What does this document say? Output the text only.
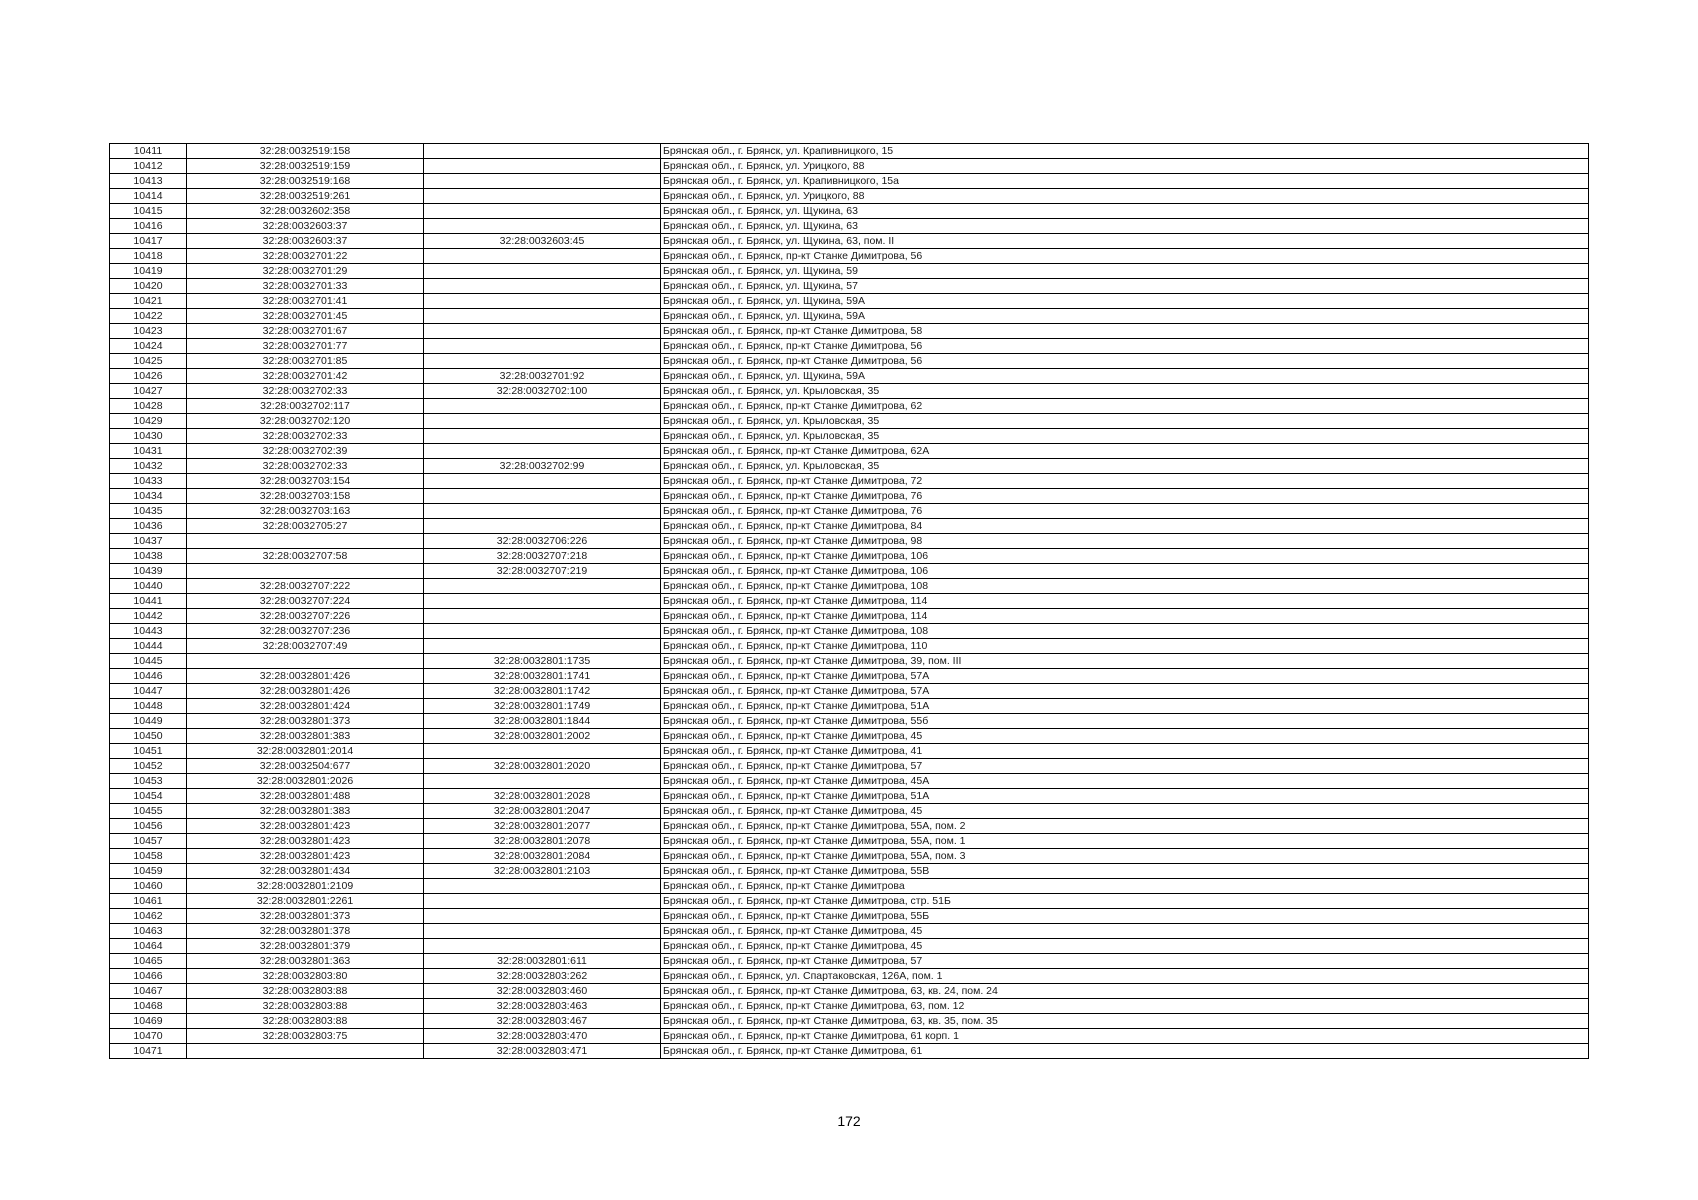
10411	32:28:0032519:158		Брянская обл., г. Брянск, ул. Крапивницкого, 15
10412	32:28:0032519:159		Брянская обл., г. Брянск, ул. Урицкого, 88
10413	32:28:0032519:168		Брянская обл., г. Брянск, ул. Крапивницкого, 15а
10414	32:28:0032519:261		Брянская обл., г. Брянск, ул. Урицкого, 88
10415	32:28:0032602:358		Брянская обл., г. Брянск, ул. Щукина, 63
10416	32:28:0032603:37		Брянская обл., г. Брянск, ул. Щукина, 63
10417	32:28:0032603:37	32:28:0032603:45	Брянская обл., г. Брянск, ул. Щукина, 63, пом. II
10418	32:28:0032701:22		Брянская обл., г. Брянск, пр-кт Станке Димитрова, 56
10419	32:28:0032701:29		Брянская обл., г. Брянск, ул. Щукина, 59
10420	32:28:0032701:33		Брянская обл., г. Брянск, ул. Щукина, 57
10421	32:28:0032701:41		Брянская обл., г. Брянск, ул. Щукина, 59А
10422	32:28:0032701:45		Брянская обл., г. Брянск, ул. Щукина, 59А
10423	32:28:0032701:67		Брянская обл., г. Брянск, пр-кт Станке Димитрова, 58
10424	32:28:0032701:77		Брянская обл., г. Брянск, пр-кт Станке Димитрова, 56
10425	32:28:0032701:85		Брянская обл., г. Брянск, пр-кт Станке Димитрова, 56
10426	32:28:0032701:42	32:28:0032701:92	Брянская обл., г. Брянск, ул. Щукина, 59А
10427	32:28:0032702:33	32:28:0032702:100	Брянская обл., г. Брянск, ул. Крыловская, 35
10428	32:28:0032702:117		Брянская обл., г. Брянск, пр-кт Станке Димитрова, 62
10429	32:28:0032702:120		Брянская обл., г. Брянск, ул. Крыловская, 35
10430	32:28:0032702:33		Брянская обл., г. Брянск, ул. Крыловская, 35
10431	32:28:0032702:39		Брянская обл., г. Брянск, пр-кт Станке Димитрова, 62А
10432	32:28:0032702:33	32:28:0032702:99	Брянская обл., г. Брянск, ул. Крыловская, 35
10433	32:28:0032703:154		Брянская обл., г. Брянск, пр-кт Станке Димитрова, 72
10434	32:28:0032703:158		Брянская обл., г. Брянск, пр-кт Станке Димитрова, 76
10435	32:28:0032703:163		Брянская обл., г. Брянск, пр-кт Станке Димитрова, 76
10436	32:28:0032705:27		Брянская обл., г. Брянск, пр-кт Станке Димитрова, 84
10437		32:28:0032706:226	Брянская обл., г. Брянск, пр-кт Станке Димитрова, 98
10438	32:28:0032707:58	32:28:0032707:218	Брянская обл., г. Брянск, пр-кт Станке Димитрова, 106
10439		32:28:0032707:219	Брянская обл., г. Брянск, пр-кт Станке Димитрова, 106
10440	32:28:0032707:222		Брянская обл., г. Брянск, пр-кт Станке Димитрова, 108
10441	32:28:0032707:224		Брянская обл., г. Брянск, пр-кт Станке Димитрова, 114
10442	32:28:0032707:226		Брянская обл., г. Брянск, пр-кт Станке Димитрова, 114
10443	32:28:0032707:236		Брянская обл., г. Брянск, пр-кт Станке Димитрова, 108
10444	32:28:0032707:49		Брянская обл., г. Брянск, пр-кт Станке Димитрова, 110
10445		32:28:0032801:1735	Брянская обл., г. Брянск, пр-кт Станке Димитрова, 39, пом. III
10446	32:28:0032801:426	32:28:0032801:1741	Брянская обл., г. Брянск, пр-кт Станке Димитрова, 57А
10447	32:28:0032801:426	32:28:0032801:1742	Брянская обл., г. Брянск, пр-кт Станке Димитрова, 57А
10448	32:28:0032801:424	32:28:0032801:1749	Брянская обл., г. Брянск, пр-кт Станке Димитрова, 51А
10449	32:28:0032801:373	32:28:0032801:1844	Брянская обл., г. Брянск, пр-кт Станке Димитрова, 55б
10450	32:28:0032801:383	32:28:0032801:2002	Брянская обл., г. Брянск, пр-кт Станке Димитрова, 45
10451	32:28:0032801:2014		Брянская обл., г. Брянск, пр-кт Станке Димитрова, 41
10452	32:28:0032504:677	32:28:0032801:2020	Брянская обл., г. Брянск, пр-кт Станке Димитрова, 57
10453	32:28:0032801:2026		Брянская обл., г. Брянск, пр-кт Станке Димитрова, 45А
10454	32:28:0032801:488	32:28:0032801:2028	Брянская обл., г. Брянск, пр-кт Станке Димитрова, 51А
10455	32:28:0032801:383	32:28:0032801:2047	Брянская обл., г. Брянск, пр-кт Станке Димитрова, 45
10456	32:28:0032801:423	32:28:0032801:2077	Брянская обл., г. Брянск, пр-кт Станке Димитрова, 55А, пом. 2
10457	32:28:0032801:423	32:28:0032801:2078	Брянская обл., г. Брянск, пр-кт Станке Димитрова, 55А, пом. 1
10458	32:28:0032801:423	32:28:0032801:2084	Брянская обл., г. Брянск, пр-кт Станке Димитрова, 55А, пом. 3
10459	32:28:0032801:434	32:28:0032801:2103	Брянская обл., г. Брянск, пр-кт Станке Димитрова, 55В
10460	32:28:0032801:2109		Брянская обл., г. Брянск, пр-кт Станке Димитрова
10461	32:28:0032801:2261		Брянская обл., г. Брянск, пр-кт Станке Димитрова, стр. 51Б
10462	32:28:0032801:373		Брянская обл., г. Брянск, пр-кт Станке Димитрова, 55Б
10463	32:28:0032801:378		Брянская обл., г. Брянск, пр-кт Станке Димитрова, 45
10464	32:28:0032801:379		Брянская обл., г. Брянск, пр-кт Станке Димитрова, 45
10465	32:28:0032801:363	32:28:0032801:611	Брянская обл., г. Брянск, пр-кт Станке Димитрова, 57
10466	32:28:0032803:80	32:28:0032803:262	Брянская обл., г. Брянск, ул. Спартаковская, 126А, пом. 1
10467	32:28:0032803:88	32:28:0032803:460	Брянская обл., г. Брянск, пр-кт Станке Димитрова, 63, кв. 24, пом. 24
10468	32:28:0032803:88	32:28:0032803:463	Брянская обл., г. Брянск, пр-кт Станке Димитрова, 63, пом. 12
10469	32:28:0032803:88	32:28:0032803:467	Брянская обл., г. Брянск, пр-кт Станке Димитрова, 63, кв. 35, пом. 35
10470	32:28:0032803:75	32:28:0032803:470	Брянская обл., г. Брянск, пр-кт Станке Димитрова, 61 корп. 1
10471		32:28:0032803:471	Брянская обл., г. Брянск, пр-кт Станке Димитрова, 61
172
